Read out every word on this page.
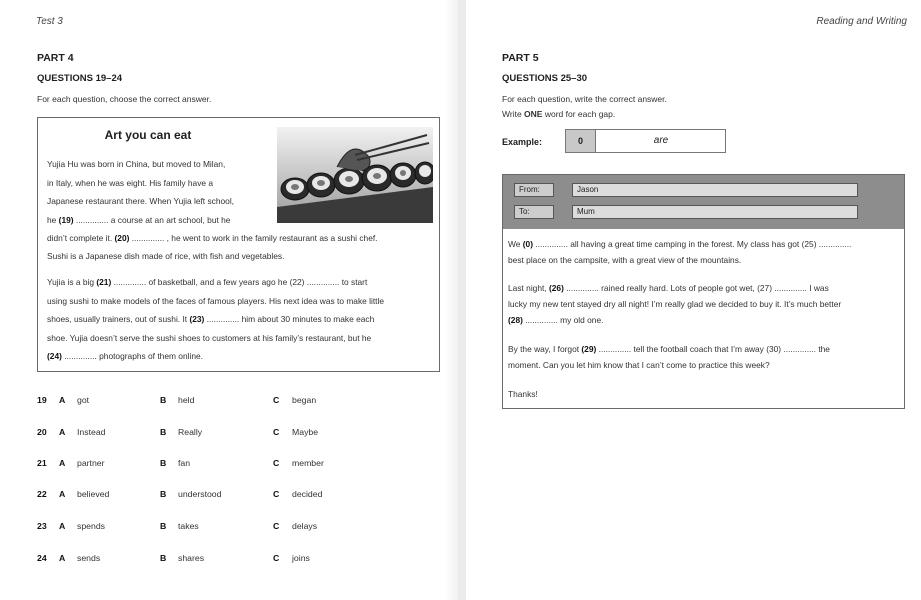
Test 3
PART 4
QUESTIONS 19–24
For each question, choose the correct answer.
Art you can eat
Yujia Hu was born in China, but moved to Milan,
in Italy, when he was eight. His family have a
Japanese restaurant there. When Yujia left school,
he (19) .............. a course at an art school, but he
didn’t complete it. (20) .............. , he went to work in the family restaurant as a sushi chef.
Sushi is a Japanese dish made of rice, with fish and vegetables.
Yujia is a big (21) .............. of basketball, and a few years ago he (22) .............. to start
using sushi to make models of the faces of famous players. His next idea was to make little
shoes, usually trainers, out of sushi. It (23) .............. him about 30 minutes to make each
shoe. Yujia doesn’t serve the sushi shoes to customers at his family’s restaurant, but he
(24) .............. photographs of them online.
19 A got	B held	C began
20 A Instead	B Really	C Maybe
21 A partner	B fan	C member
22 A believed	B understood	C decided
23 A spends	B takes	C delays
24 A sends	B shares	C joins
Reading and Writing
PART 5
QUESTIONS 25–30
For each question, write the correct answer.
Write ONE word for each gap.
Example:	0	are
From:	Jason
To:	Mum
We (0) .............. all having a great time camping in the forest. My class has got (25) ..............
best place on the campsite, with a great view of the mountains.
Last night, (26) .............. rained really hard. Lots of people got wet, (27) .............. I was
lucky my new tent stayed dry all night! I’m really glad we decided to buy it. It’s much better
(28) .............. my old one.
By the way, I forgot (29) .............. tell the football coach that I’m away (30) .............. the
moment. Can you let him know that I can’t come to practice this week?
Thanks!
